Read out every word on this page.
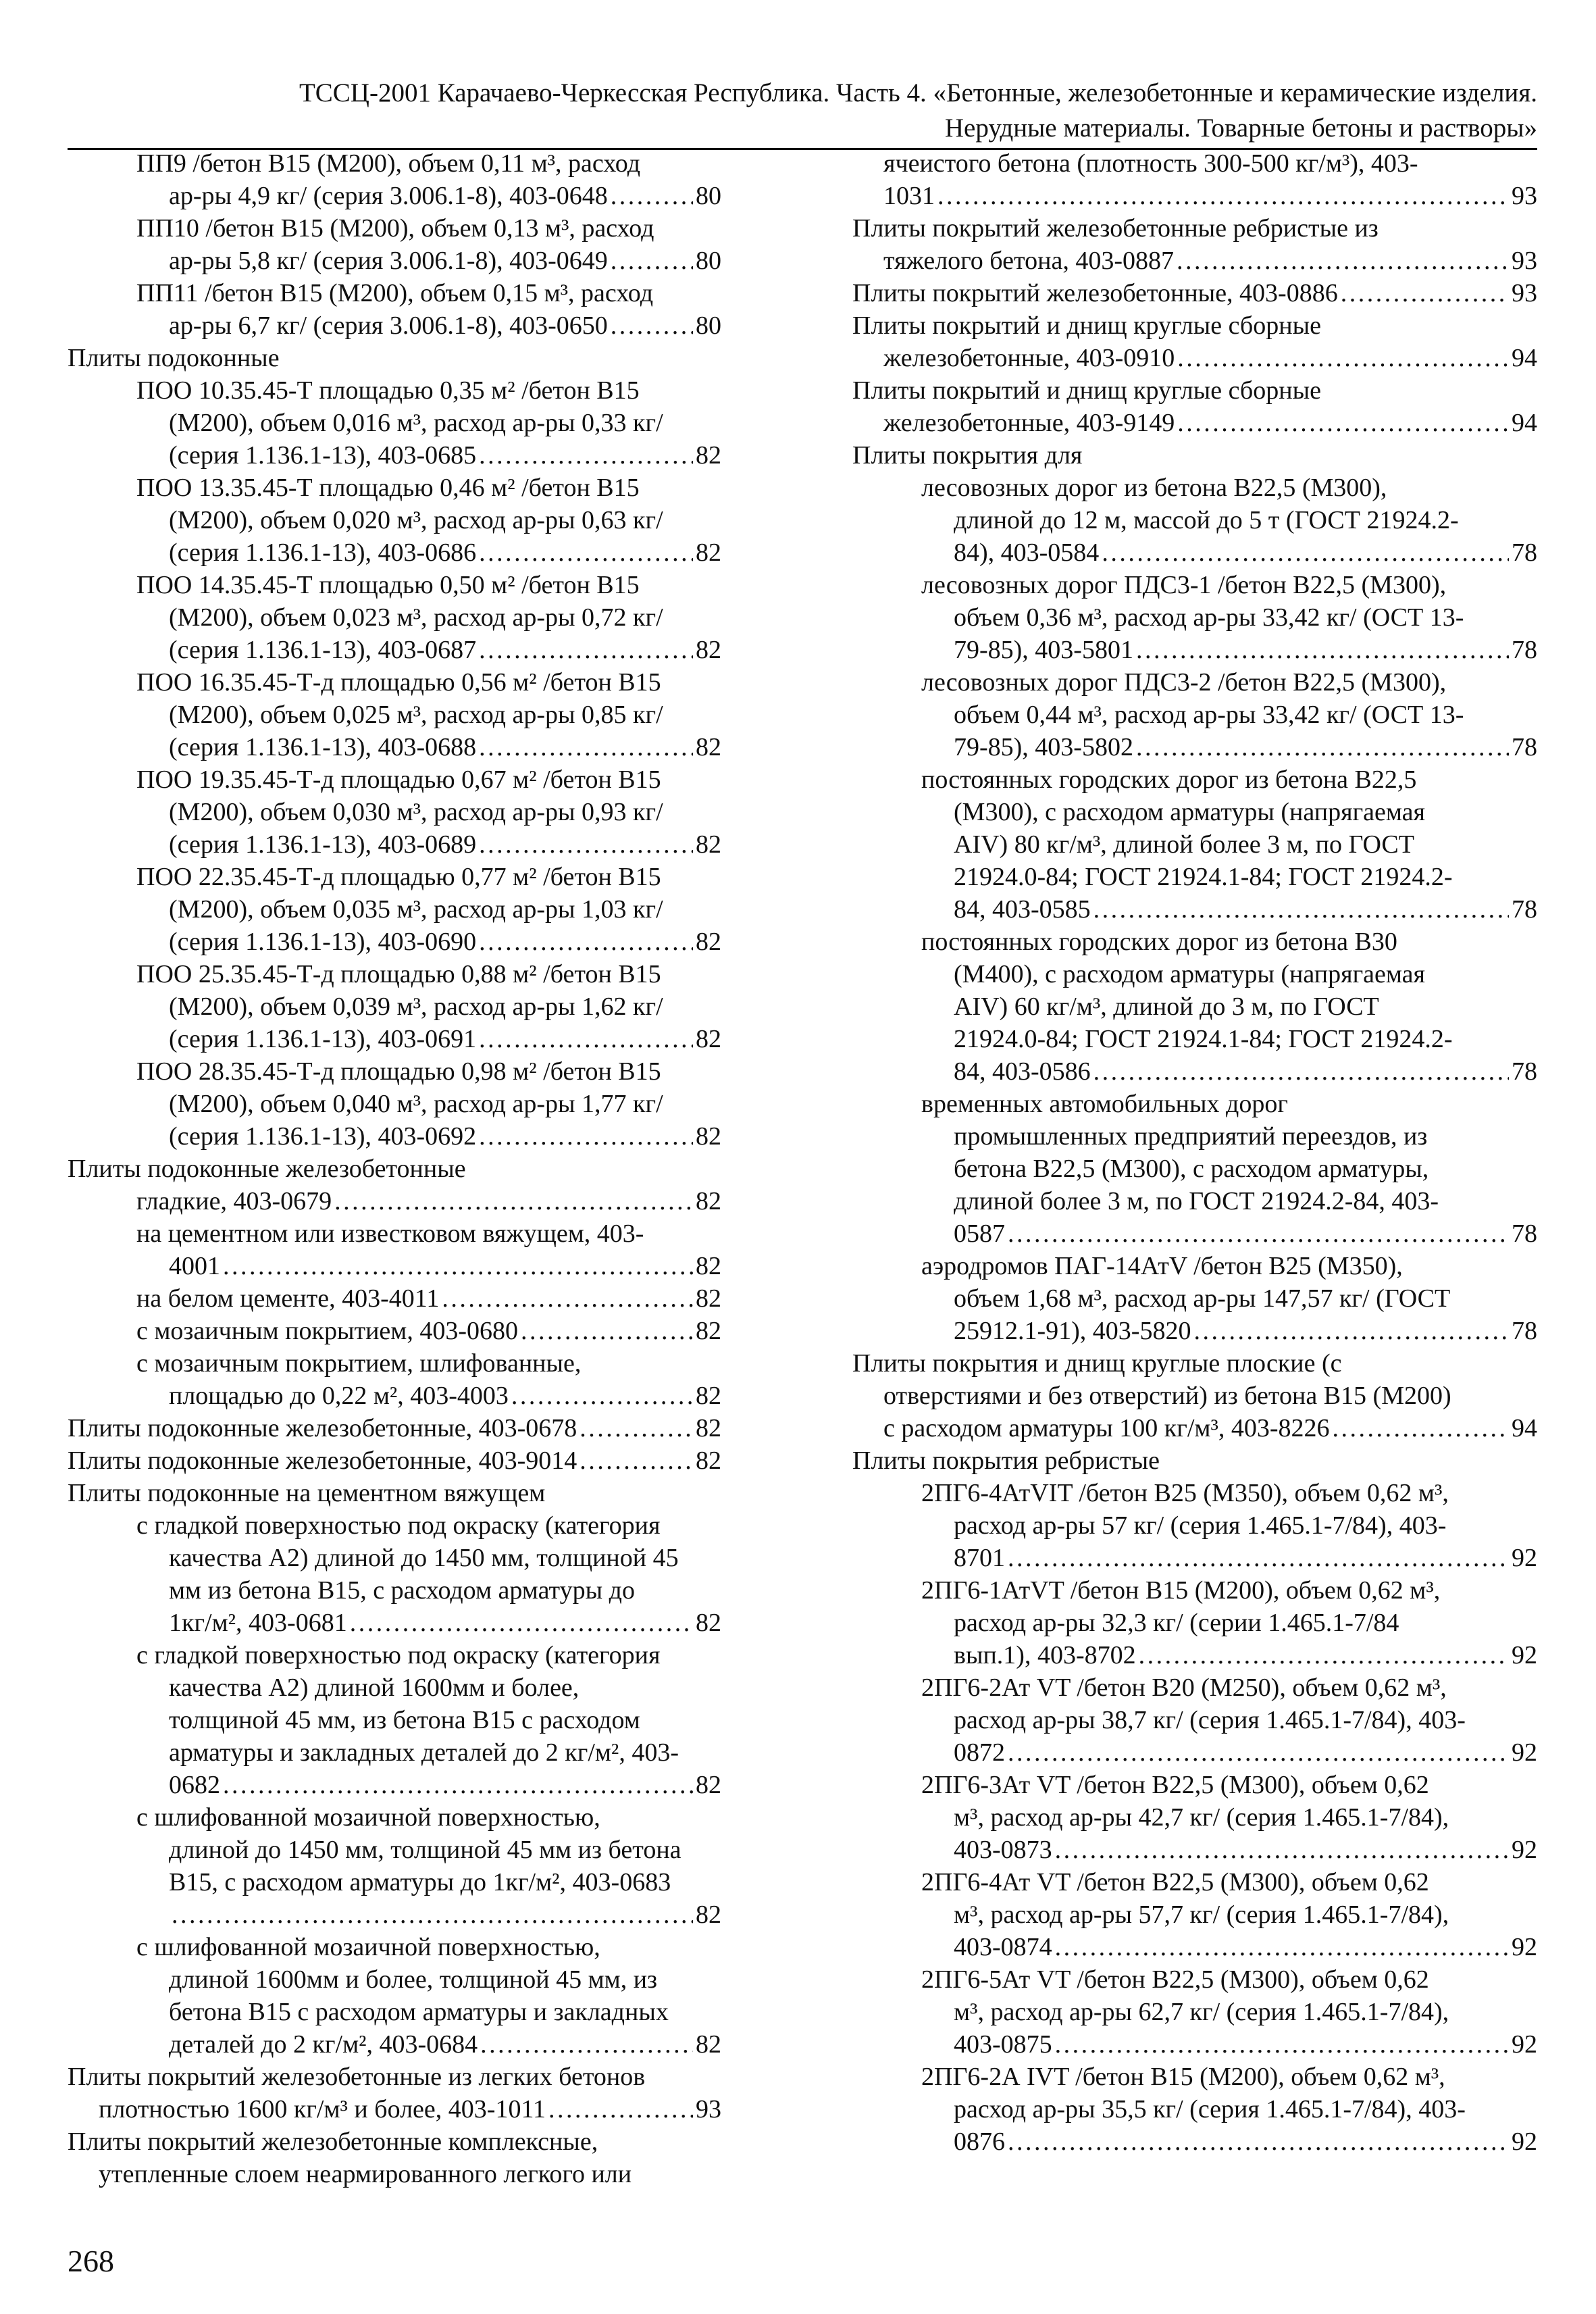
ТССЦ-2001 Карачаево-Черкесская Республика. Часть 4. «Бетонные, железобетонные и керамические изделия.
Нерудные материалы. Товарные бетоны и растворы»
ПП9 /бетон В15 (М200), объем 0,11 м³, расход
ар-ры 4,9 кг/ (серия 3.006.1-8), 403-0648 . . .	80
ПП10 /бетон В15 (М200), объем 0,13 м³, расход
ар-ры 5,8 кг/ (серия 3.006.1-8), 403-0649 . . .	80
ПП11 /бетон В15 (М200), объем 0,15 м³, расход
ар-ры 6,7 кг/ (серия 3.006.1-8), 403-0650 . . .	80
Плиты подоконные
ПОО 10.35.45-Т площадью 0,35 м² /бетон В15
(М200), объем 0,016 м³, расход ар-ры 0,33 кг/
(серия 1.136.1-13), 403-0685 . . .	82
ПОО 13.35.45-Т площадью 0,46 м² /бетон В15
(М200), объем 0,020 м³, расход ар-ры 0,63 кг/
(серия 1.136.1-13), 403-0686 . . .	82
ПОО 14.35.45-Т площадью 0,50 м² /бетон В15
(М200), объем 0,023 м³, расход ар-ры 0,72 кг/
(серия 1.136.1-13), 403-0687 . . .	82
ПОО 16.35.45-Т-д площадью 0,56 м² /бетон В15
(М200), объем 0,025 м³, расход ар-ры 0,85 кг/
(серия 1.136.1-13), 403-0688 . . .	82
ПОО 19.35.45-Т-д площадью 0,67 м² /бетон В15
(М200), объем 0,030 м³, расход ар-ры 0,93 кг/
(серия 1.136.1-13), 403-0689 . . .	82
ПОО 22.35.45-Т-д площадью 0,77 м² /бетон В15
(М200), объем 0,035 м³, расход ар-ры 1,03 кг/
(серия 1.136.1-13), 403-0690 . . .	82
ПОО 25.35.45-Т-д площадью 0,88 м² /бетон В15
(М200), объем 0,039 м³, расход ар-ры 1,62 кг/
(серия 1.136.1-13), 403-0691 . . .	82
ПОО 28.35.45-Т-д площадью 0,98 м² /бетон В15
(М200), объем 0,040 м³, расход ар-ры 1,77 кг/
(серия 1.136.1-13), 403-0692 . . .	82
Плиты подоконные железобетонные
гладкие, 403-0679 . . .	82
на цементном или известковом вяжущем, 403-
4001 . . .	82
на белом цементе, 403-4011 . . .	82
с мозаичным покрытием, 403-0680 . . .	82
с мозаичным покрытием, шлифованные,
площадью до 0,22 м², 403-4003 . . .	82
Плиты подоконные железобетонные, 403-0678 . . .	82
Плиты подоконные железобетонные, 403-9014 . . .	82
Плиты подоконные на цементном вяжущем
с гладкой поверхностью под окраску (категория
качества А2) длиной до 1450 мм, толщиной 45
мм из бетона В15, с расходом арматуры до
1кг/м², 403-0681 . . .	82
с гладкой поверхностью под окраску (категория
качества А2) длиной 1600мм и более,
толщиной 45 мм, из бетона В15 с расходом
арматуры и закладных деталей до 2 кг/м², 403-
0682 . . .	82
с шлифованной мозаичной поверхностью,
длиной до 1450 мм, толщиной 45 мм из бетона
В15, с расходом арматуры до 1кг/м², 403-0683
. . .
82
с шлифованной мозаичной поверхностью,
длиной 1600мм и более, толщиной 45 мм, из
бетона В15 с расходом арматуры и закладных
деталей до 2 кг/м², 403-0684 . . .	82
Плиты покрытий железобетонные из легких бетонов
плотностью 1600 кг/м³ и более, 403-1011 . . .	93
Плиты покрытий железобетонные комплексные,
утепленные слоем неармированного легкого или
ячеистого бетона (плотность 300-500 кг/м³), 403-
1031 . . .	93
Плиты покрытий железобетонные ребристые из
тяжелого бетона, 403-0887 . . .	93
Плиты покрытий железобетонные, 403-0886 . . .	93
Плиты покрытий и днищ круглые сборные
железобетонные, 403-0910 . . .	94
Плиты покрытий и днищ круглые сборные
железобетонные, 403-9149 . . .	94
Плиты покрытия для
лесовозных дорог из бетона В22,5 (М300),
длиной до 12 м, массой до 5 т (ГОСТ 21924.2-
84), 403-0584 . . .	78
лесовозных дорог ПДС3-1 /бетон В22,5 (М300),
объем 0,36 м³, расход ар-ры 33,42 кг/ (ОСТ 13-
79-85), 403-5801 . . .	78
лесовозных дорог ПДС3-2 /бетон В22,5 (М300),
объем 0,44 м³, расход ар-ры 33,42 кг/ (ОСТ 13-
79-85), 403-5802 . . .	78
постоянных городских дорог из бетона В22,5
(М300), с расходом арматуры (напрягаемая
AIV) 80 кг/м³, длиной более 3 м, по ГОСТ
21924.0-84; ГОСТ 21924.1-84; ГОСТ 21924.2-
84, 403-0585 . . .	78
постоянных городских дорог из бетона В30
(М400), с расходом арматуры (напрягаемая
AIV) 60 кг/м³, длиной до 3 м, по ГОСТ
21924.0-84; ГОСТ 21924.1-84; ГОСТ 21924.2-
84, 403-0586 . . .	78
временных автомобильных дорог
промышленных предприятий переездов, из
бетона В22,5 (М300), с расходом арматуры,
длиной более 3 м, по ГОСТ 21924.2-84, 403-
0587 . . .	78
аэродромов ПАГ-14АтV /бетон В25 (М350),
объем 1,68 м³, расход ар-ры 147,57 кг/ (ГОСТ
25912.1-91), 403-5820 . . .	78
Плиты покрытия и днищ круглые плоские (с
отверстиями и без отверстий) из бетона В15 (М200)
с расходом арматуры 100 кг/м³, 403-8226 . . .	94
Плиты покрытия ребристые
2ПГ6-4АтVIT /бетон В25 (М350), объем 0,62 м³,
расход ар-ры 57 кг/ (серия 1.465.1-7/84), 403-
8701 . . .	92
2ПГ6-1АтVT /бетон В15 (М200), объем 0,62 м³,
расход ар-ры 32,3 кг/ (серии 1.465.1-7/84
вып.1), 403-8702 . . .	92
2ПГ6-2Ат VT /бетон В20 (М250), объем 0,62 м³,
расход ар-ры 38,7 кг/ (серия 1.465.1-7/84), 403-
0872 . . .	92
2ПГ6-3Ат VT /бетон В22,5 (М300), объем 0,62
м³, расход ар-ры 42,7 кг/ (серия 1.465.1-7/84),
403-0873 . . .	92
2ПГ6-4Ат VT /бетон В22,5 (М300), объем 0,62
м³, расход ар-ры 57,7 кг/ (серия 1.465.1-7/84),
403-0874 . . .	92
2ПГ6-5Ат VT /бетон В22,5 (М300), объем 0,62
м³, расход ар-ры 62,7 кг/ (серия 1.465.1-7/84),
403-0875 . . .	92
2ПГ6-2А IVT /бетон В15 (М200), объем 0,62 м³,
расход ар-ры 35,5 кг/ (серия 1.465.1-7/84), 403-
0876 . . .	92
268
